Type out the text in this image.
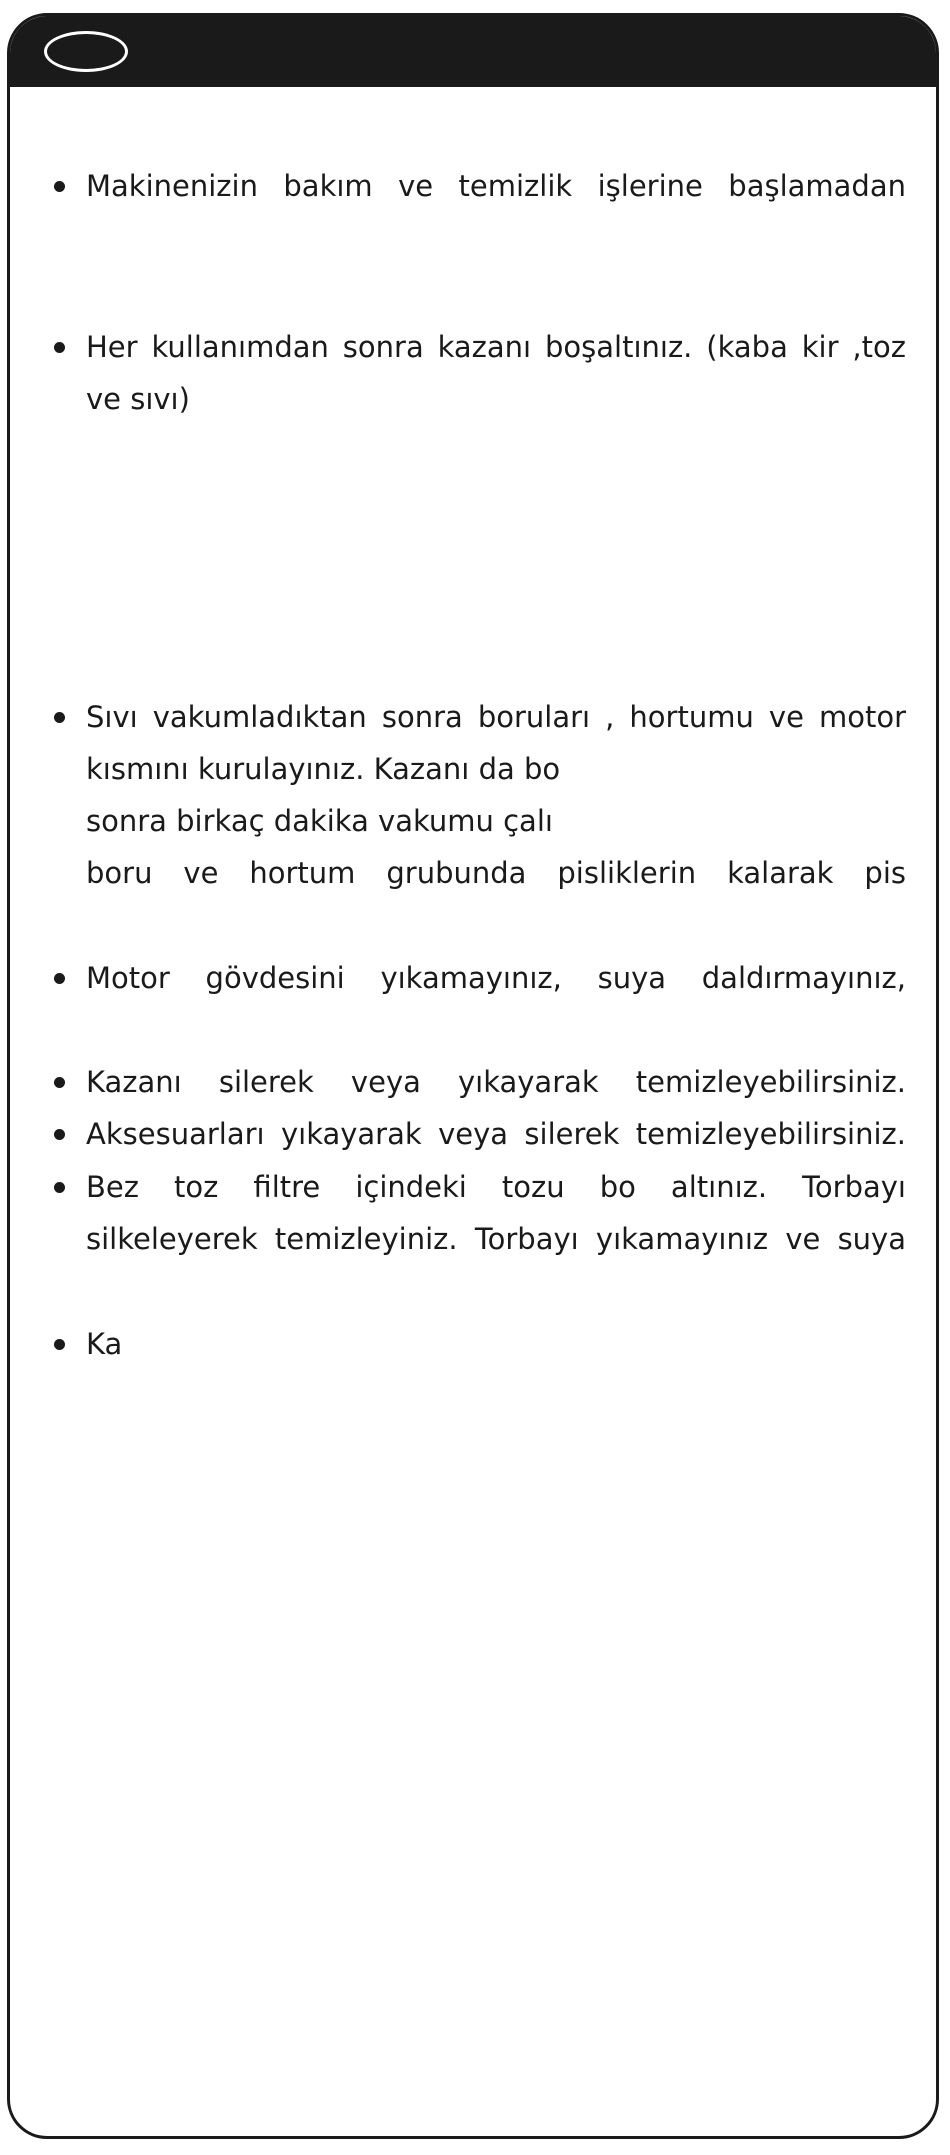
Makinenizin bakım ve temizlik işlerine başlamadan
Her kullanımdan sonra kazanı boşaltınız. (kaba kir ,toz
ve sıvı)
Sıvı vakumladıktan sonra boruları , hortumu ve motor
kısmını kurulayınız. Kazanı da bo
sonra birkaç dakika vakumu çalı
boru ve hortum grubunda pisliklerin kalarak pis
Motor gövdesini yıkamayınız, suya daldırmayınız,
Kazanı silerek veya yıkayarak temizleyebilirsiniz.
Aksesuarları yıkayarak veya silerek temizleyebilirsiniz.
Bez toz filtre içindeki tozu bo altınız. Torbayı
silkeleyerek temizleyiniz. Torbayı yıkamayınız ve suya
Ka
